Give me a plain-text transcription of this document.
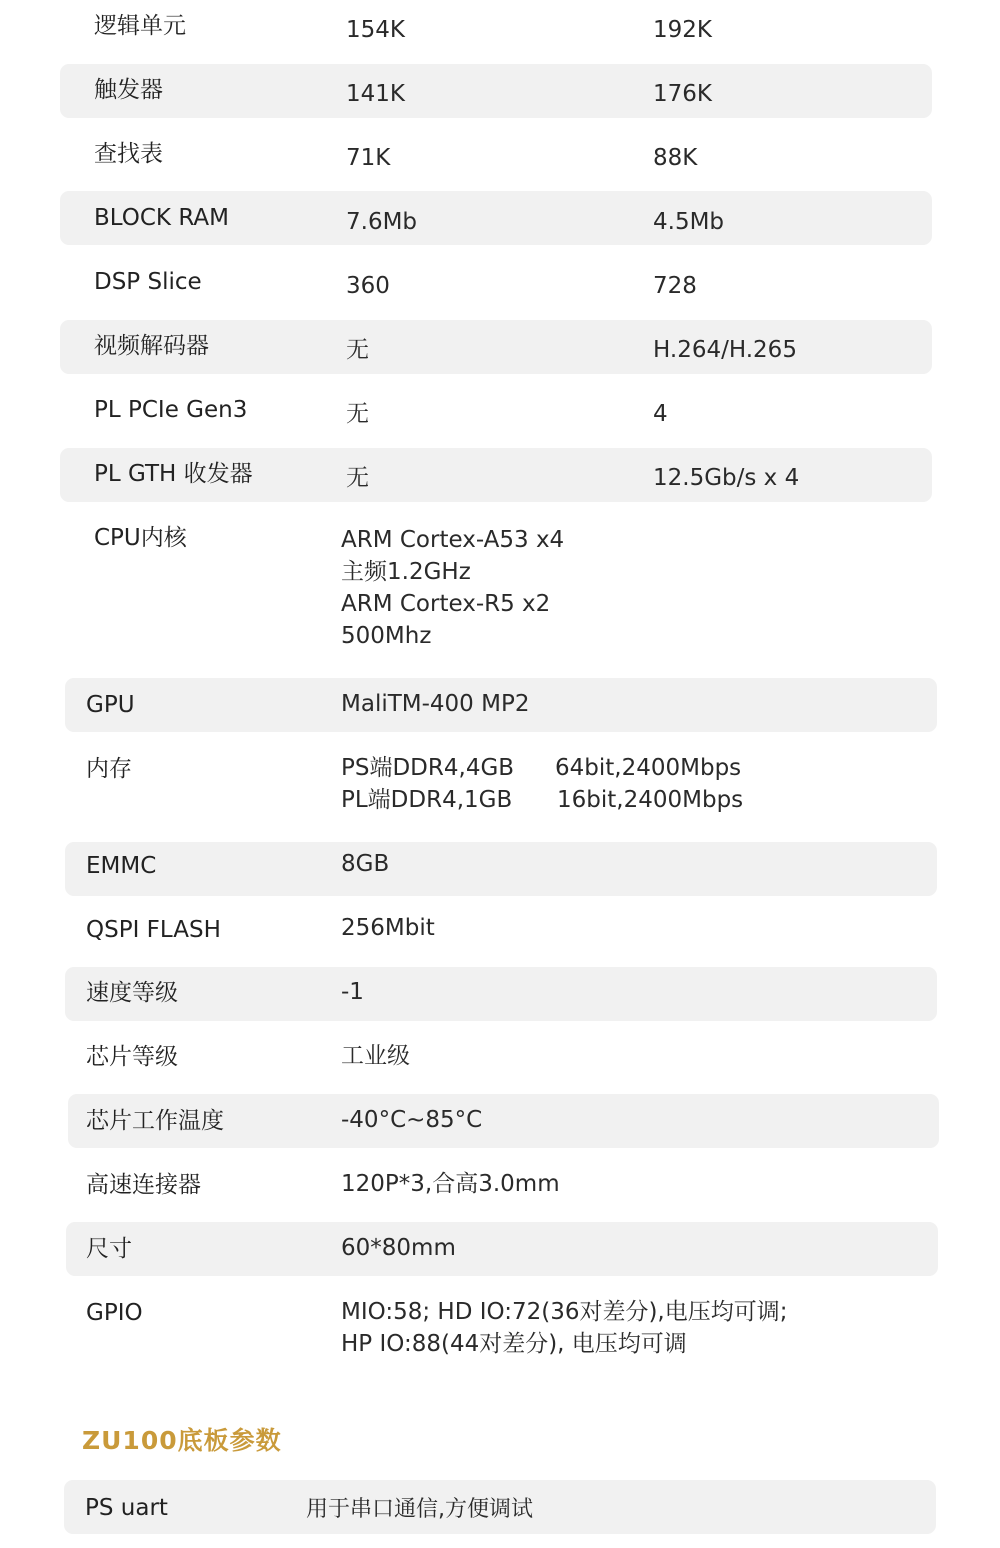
逻辑单元	154K	192K
触发器	141K	176K
查找表	71K	88K
BLOCK RAM	7.6Mb	4.5Mb
DSP Slice	360	728
视频解码器	无	H.264/H.265
PL PCIe Gen3	无	4
PL GTH 收发器	无	12.5Gb/s x 4
CPU内核	ARM Cortex-A53 x4
主频1.2GHz
ARM Cortex-R5 x2
500Mhz
GPU	MaliTM-400 MP2
内存	PS端DDR4,4GB 64bit,2400Mbps
PL端DDR4,1GB 16bit,2400Mbps
EMMC	8GB
QSPI FLASH	256Mbit
速度等级	-1
芯片等级	工业级
芯片工作温度	-40°C~85°C
高速连接器	120P*3,合高3.0mm
尺寸	60*80mm
GPIO	MIO:58; HD IO:72(36对差分),电压均可调;
HP IO:88(44对差分), 电压均可调
ZU100底板参数
PS uart	用于串口通信,方便调试
